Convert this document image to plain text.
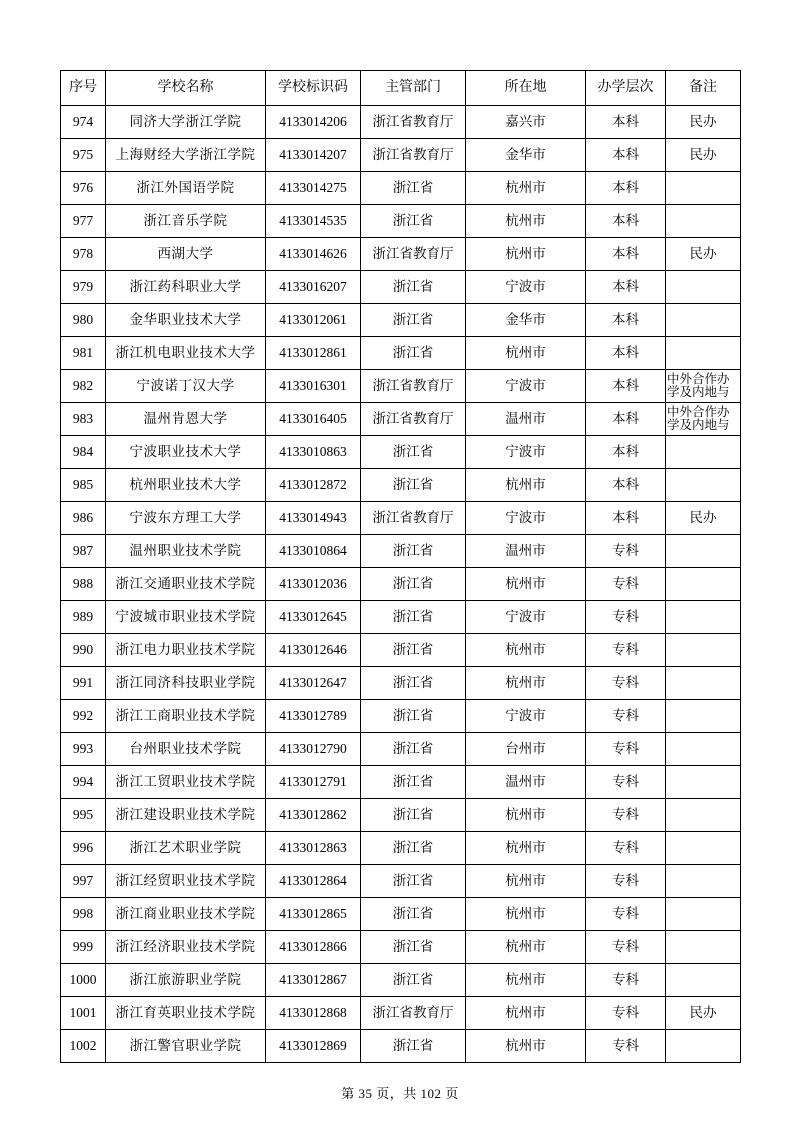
序号	学校名称	学校标识码	主管部门	所在地	办学层次	备注
974	同济大学浙江学院	4133014206	浙江省教育厅	嘉兴市	本科	民办
975	上海财经大学浙江学院	4133014207	浙江省教育厅	金华市	本科	民办
976	浙江外国语学院	4133014275	浙江省	杭州市	本科	
977	浙江音乐学院	4133014535	浙江省	杭州市	本科	
978	西湖大学	4133014626	浙江省教育厅	杭州市	本科	民办
979	浙江药科职业大学	4133016207	浙江省	宁波市	本科	
980	金华职业技术大学	4133012061	浙江省	金华市	本科	
981	浙江机电职业技术大学	4133012861	浙江省	杭州市	本科	
982	宁波诺丁汉大学	4133016301	浙江省教育厅	宁波市	本科	中外合作办学及内地与
983	温州肯恩大学	4133016405	浙江省教育厅	温州市	本科	中外合作办学及内地与
984	宁波职业技术大学	4133010863	浙江省	宁波市	本科	
985	杭州职业技术大学	4133012872	浙江省	杭州市	本科	
986	宁波东方理工大学	4133014943	浙江省教育厅	宁波市	本科	民办
987	温州职业技术学院	4133010864	浙江省	温州市	专科	
988	浙江交通职业技术学院	4133012036	浙江省	杭州市	专科	
989	宁波城市职业技术学院	4133012645	浙江省	宁波市	专科	
990	浙江电力职业技术学院	4133012646	浙江省	杭州市	专科	
991	浙江同济科技职业学院	4133012647	浙江省	杭州市	专科	
992	浙江工商职业技术学院	4133012789	浙江省	宁波市	专科	
993	台州职业技术学院	4133012790	浙江省	台州市	专科	
994	浙江工贸职业技术学院	4133012791	浙江省	温州市	专科	
995	浙江建设职业技术学院	4133012862	浙江省	杭州市	专科	
996	浙江艺术职业学院	4133012863	浙江省	杭州市	专科	
997	浙江经贸职业技术学院	4133012864	浙江省	杭州市	专科	
998	浙江商业职业技术学院	4133012865	浙江省	杭州市	专科	
999	浙江经济职业技术学院	4133012866	浙江省	杭州市	专科	
1000	浙江旅游职业学院	4133012867	浙江省	杭州市	专科	
1001	浙江育英职业技术学院	4133012868	浙江省教育厅	杭州市	专科	民办
1002	浙江警官职业学院	4133012869	浙江省	杭州市	专科	
第 35 页，共 102 页
